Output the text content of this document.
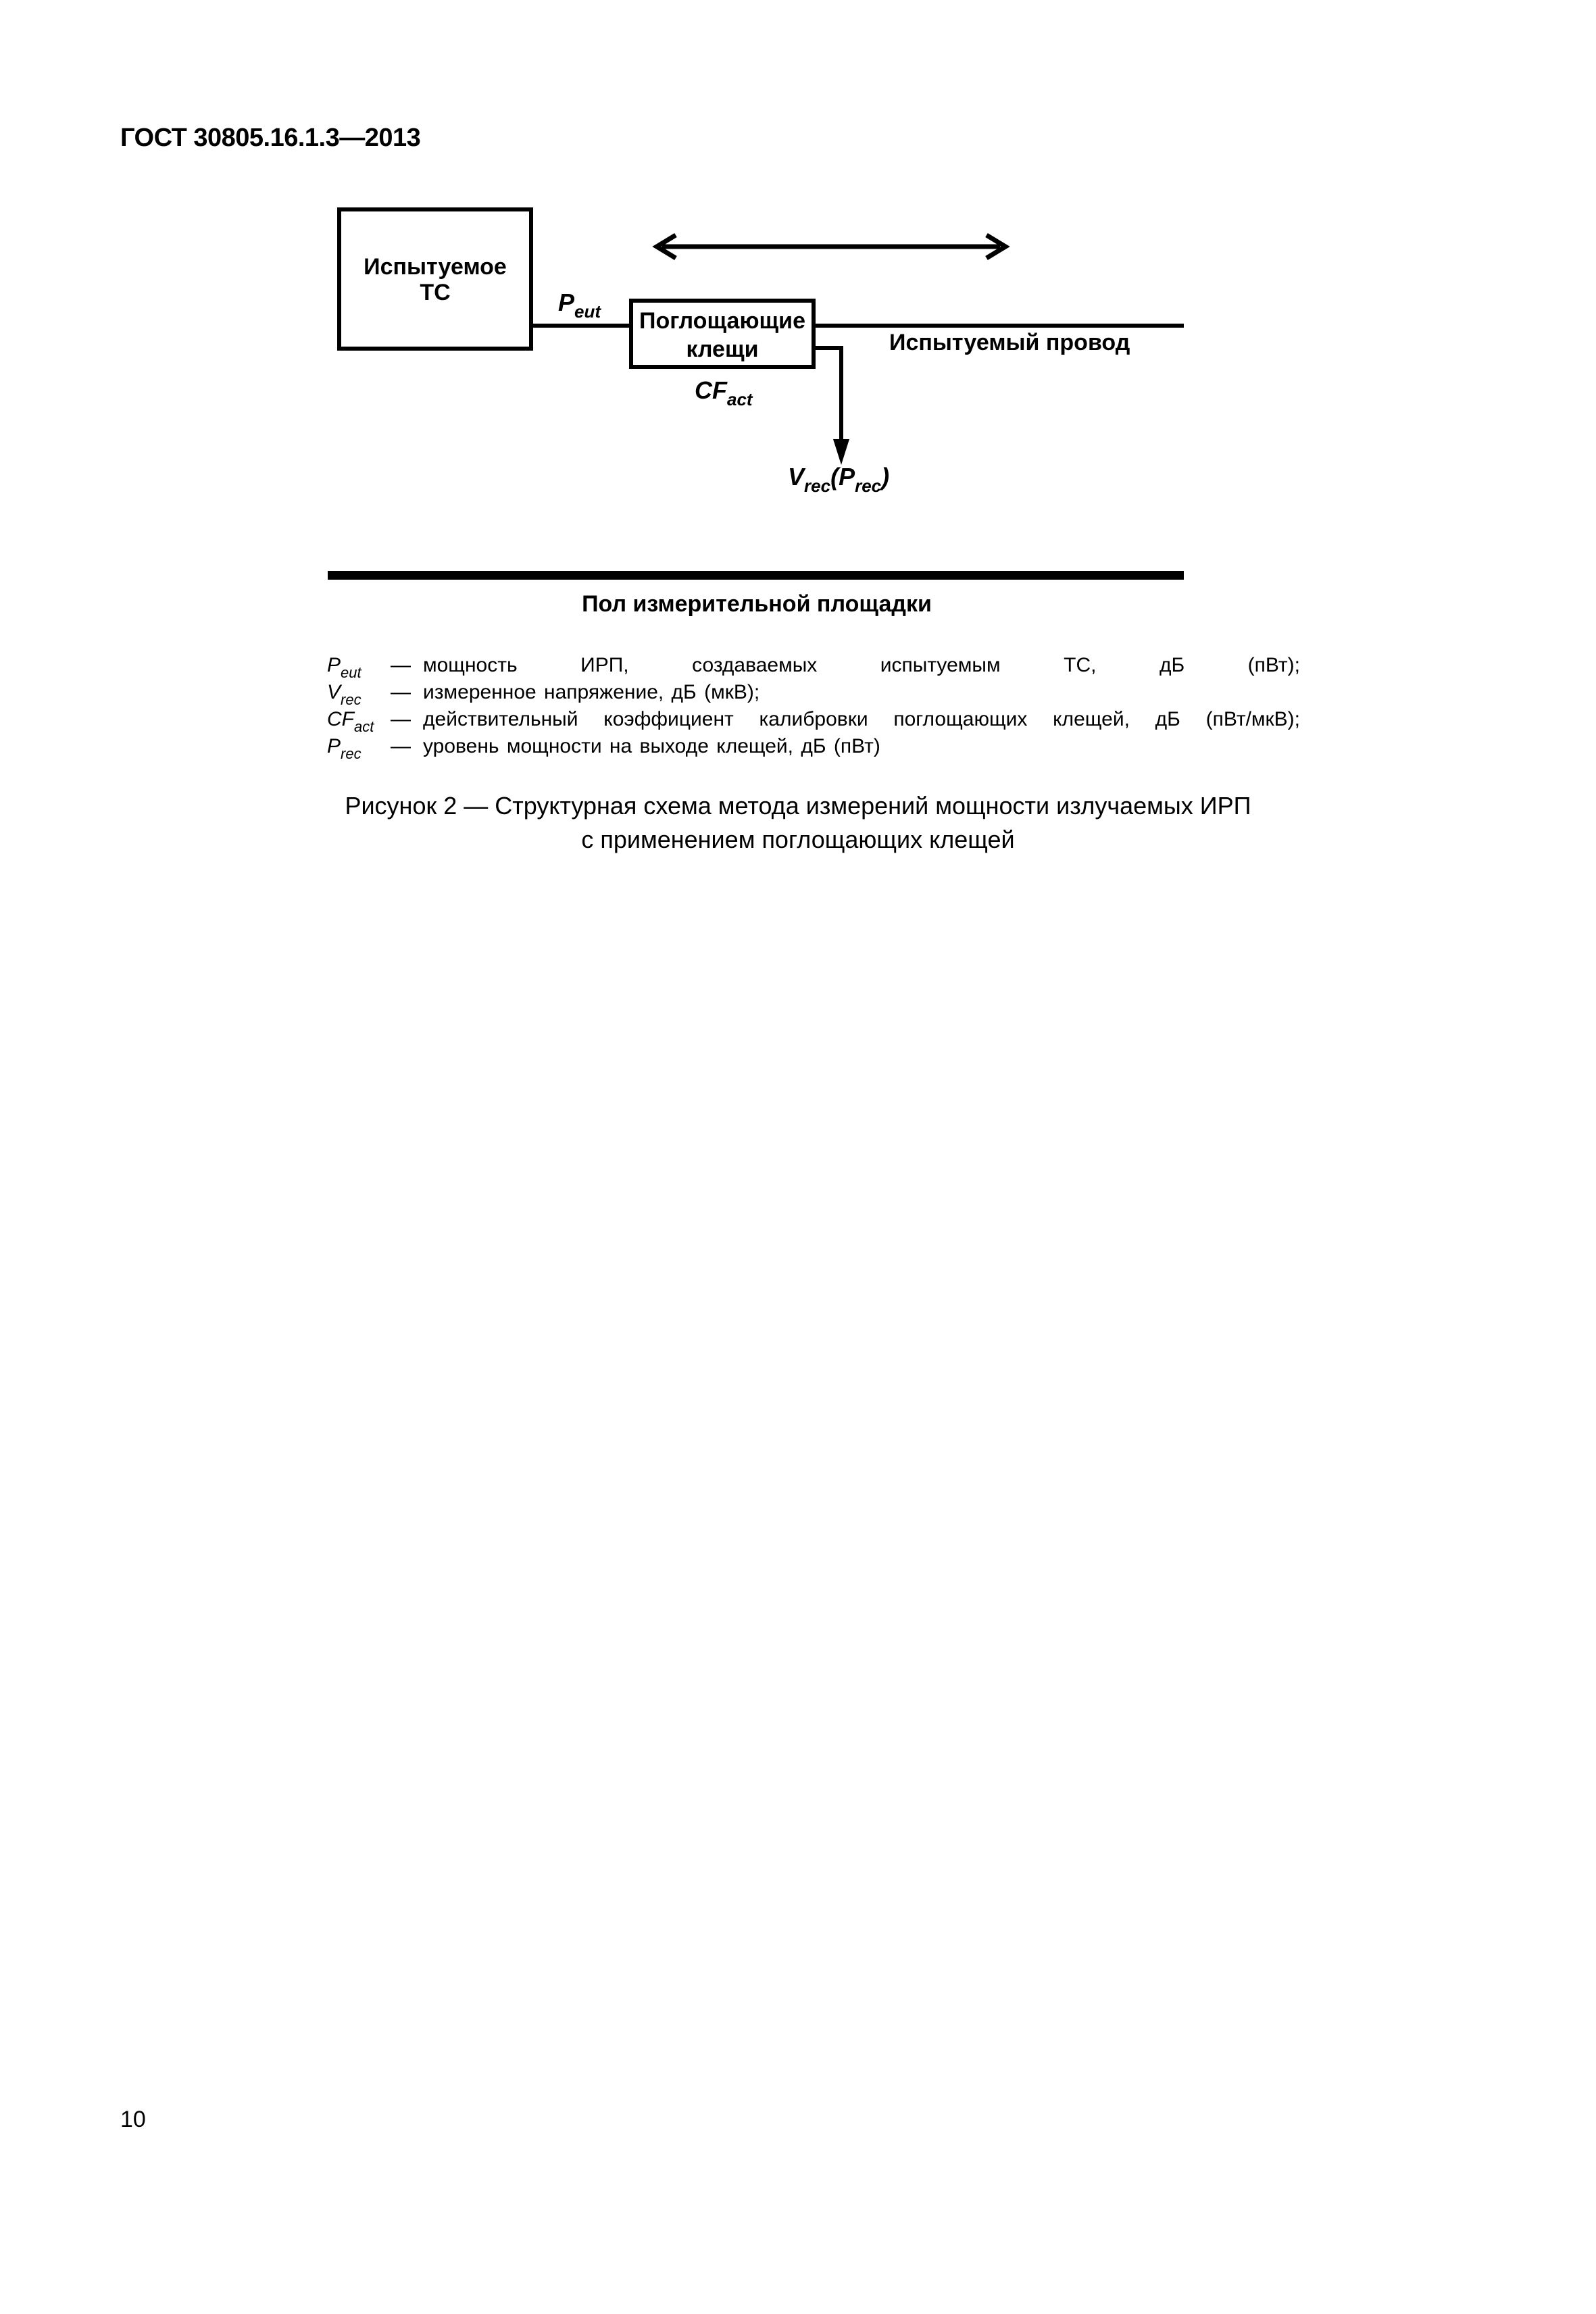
ГОСТ 30805.16.1.3—2013
Испытуемое
ТС	Peut Поглощающие
клещи	Испытуемый провод
CFact
Vrec(Prec)
Пол измерительной площадки
$P_{eut}$	— мощность ИРП, создаваемых испытуемым ТС, дБ (пВт);
$V_{rec}$	— измеренное напряжение, дБ (мкВ);
$CF_{act}$ — действительный коэффициент калибровки поглощающих клещей, дБ (пВт/мкВ);
$P_{rec}$	— уровень мощности на выходе клещей, дБ (пВт)
Рисунок 2 — Структурная схема метода измерений мощности излучаемых ИРП
с применением поглощающих клещей
10
